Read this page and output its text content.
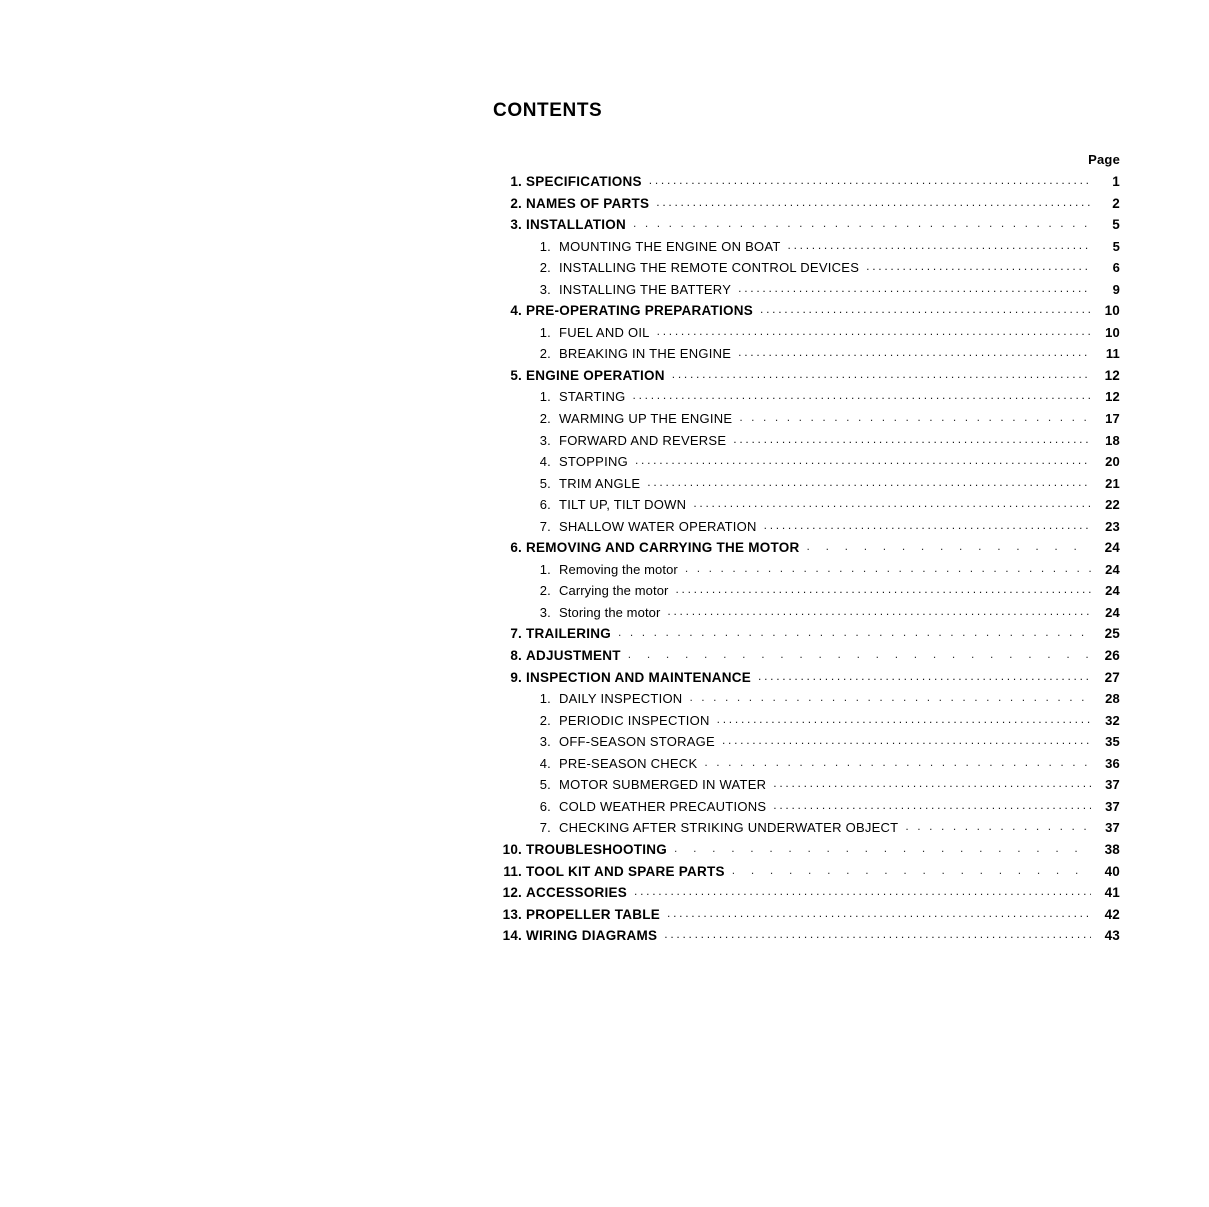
CONTENTS
Page
1. SPECIFICATIONS . . .	1
2. NAMES OF PARTS . . .	2
3. INSTALLATION . . .	5
1. MOUNTING THE ENGINE ON BOAT . . .	5
2. INSTALLING THE REMOTE CONTROL DEVICES . . .	6
3. INSTALLING THE BATTERY . . .	9
4. PRE-OPERATING PREPARATIONS . . .	10
1. FUEL AND OIL . . .	10
2. BREAKING IN THE ENGINE . . .	11
5. ENGINE OPERATION . . .	12
1. STARTING . . .	12
2. WARMING UP THE ENGINE . . .	17
3. FORWARD AND REVERSE . . .	18
4. STOPPING . . .	20
5. TRIM ANGLE . . .	21
6. TILT UP, TILT DOWN . . .	22
7. SHALLOW WATER OPERATION . . .	23
6. REMOVING AND CARRYING THE MOTOR . . .	24
1. Removing the motor . . .	24
2. Carrying the motor . . .	24
3. Storing the motor . . .	24
7. TRAILERING . . .	25
8. ADJUSTMENT . . .	26
9. INSPECTION AND MAINTENANCE . . .	27
1. DAILY INSPECTION . . .	28
2. PERIODIC INSPECTION . . .	32
3. OFF-SEASON STORAGE . . .	35
4. PRE-SEASON CHECK . . .	36
5. MOTOR SUBMERGED IN WATER . . .	37
6. COLD WEATHER PRECAUTIONS . . .	37
7. CHECKING AFTER STRIKING UNDERWATER OBJECT . . .	37
10. TROUBLESHOOTING . . .	38
11. TOOL KIT AND SPARE PARTS . . .	40
12. ACCESSORIES . . .	41
13. PROPELLER TABLE . . .	42
14. WIRING DIAGRAMS . . .	43
